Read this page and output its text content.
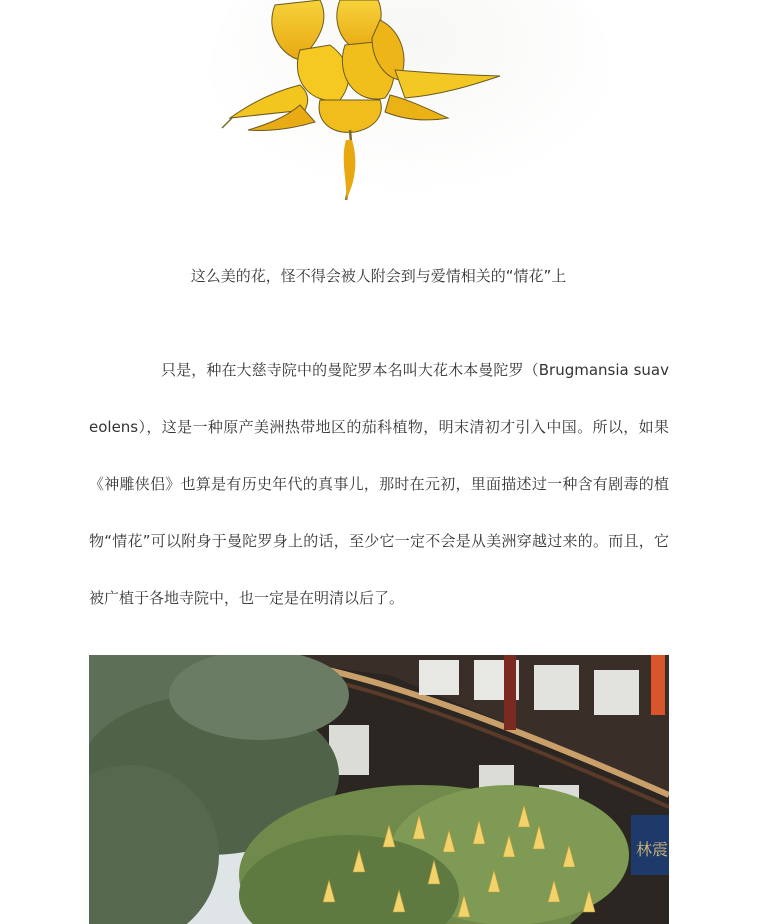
这么美的花，怪不得会被人附会到与爱情相关的“情花”上

只是，种在大慈寺院中的曼陀罗本名叫大花木本曼陀罗（Brugmansia suaveolens），这是一种原产美洲热带地区的茄科植物，明末清初才引入中国。所以，如果《神雕侠侣》也算是有历史年代的真事儿，那时在元初，里面描述过一种含有剧毒的植物“情花”可以附身于曼陀罗身上的话，至少它一定不会是从美洲穿越过来的。而且，它被广植于各地寺院中，也一定是在明清以后了。

林震
